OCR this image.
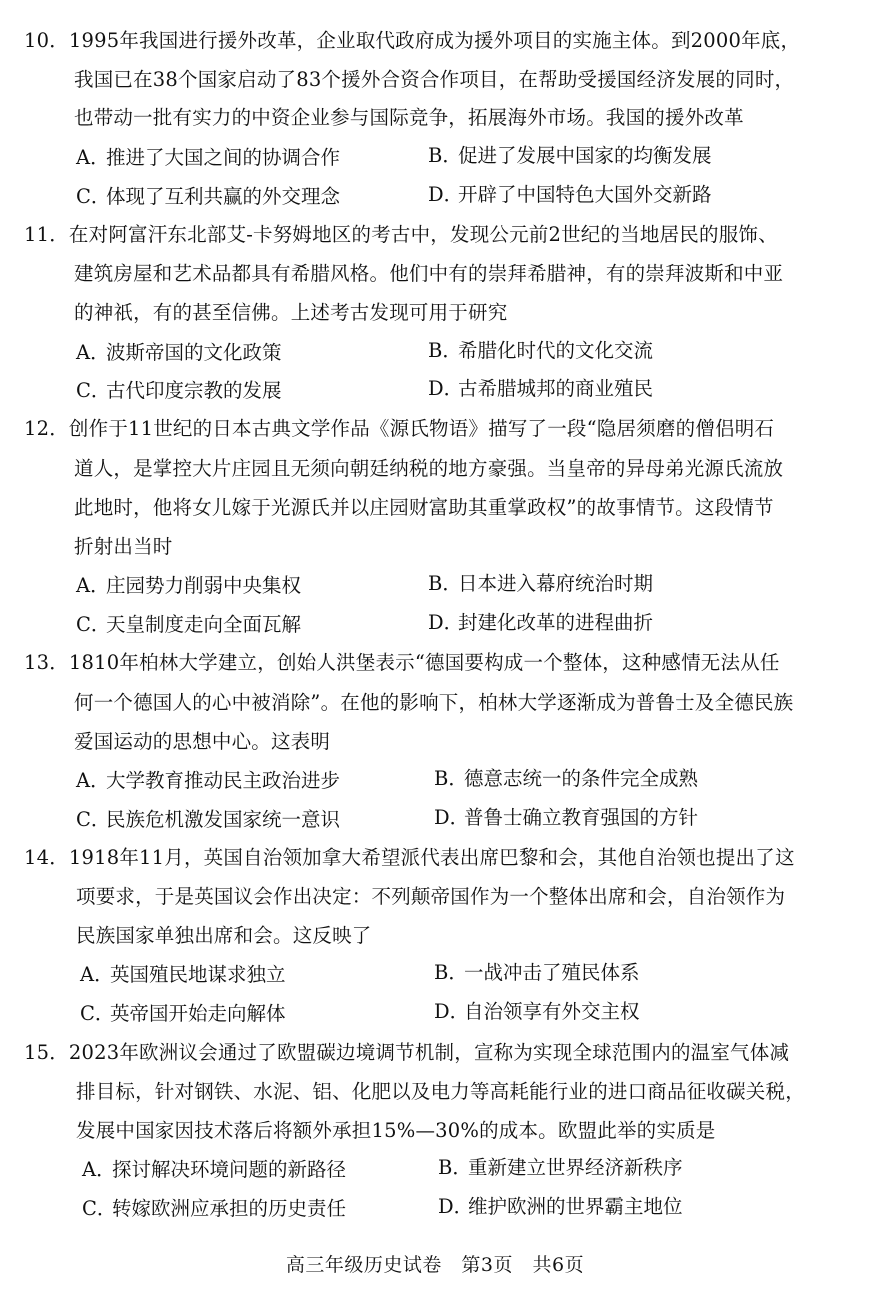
10．1995年我国进行援外改革，企业取代政府成为援外项目的实施主体。到2000年底，
我国已在38个国家启动了83个援外合资合作项目，在帮助受援国经济发展的同时，
也带动一批有实力的中资企业参与国际竞争，拓展海外市场。我国的援外改革
A．推进了大国之间的协调合作	B．促进了发展中国家的均衡发展
C．体现了互利共赢的外交理念	D．开辟了中国特色大国外交新路
11．在对阿富汗东北部艾-卡努姆地区的考古中，发现公元前2世纪的当地居民的服饰、
建筑房屋和艺术品都具有希腊风格。他们中有的崇拜希腊神，有的崇拜波斯和中亚
的神祇，有的甚至信佛。上述考古发现可用于研究
A．波斯帝国的文化政策	B．希腊化时代的文化交流
C．古代印度宗教的发展	D．古希腊城邦的商业殖民
12．创作于11世纪的日本古典文学作品《源氏物语》描写了一段“隐居须磨的僧侣明石
道人，是掌控大片庄园且无须向朝廷纳税的地方豪强。当皇帝的异母弟光源氏流放
此地时，他将女儿嫁于光源氏并以庄园财富助其重掌政权”的故事情节。这段情节
折射出当时
A．庄园势力削弱中央集权	B．日本进入幕府统治时期
C．天皇制度走向全面瓦解	D．封建化改革的进程曲折
13．1810年柏林大学建立，创始人洪堡表示“德国要构成一个整体，这种感情无法从任
何一个德国人的心中被消除”。在他的影响下，柏林大学逐渐成为普鲁士及全德民族
爱国运动的思想中心。这表明
A．大学教育推动民主政治进步	B．德意志统一的条件完全成熟
C．民族危机激发国家统一意识	D．普鲁士确立教育强国的方针
14．1918年11月，英国自治领加拿大希望派代表出席巴黎和会，其他自治领也提出了这
项要求，于是英国议会作出决定：不列颠帝国作为一个整体出席和会，自治领作为
民族国家单独出席和会。这反映了
A．英国殖民地谋求独立	B．一战冲击了殖民体系
C．英帝国开始走向解体	D．自治领享有外交主权
15．2023年欧洲议会通过了欧盟碳边境调节机制，宣称为实现全球范围内的温室气体减
排目标，针对钢铁、水泥、铝、化肥以及电力等高耗能行业的进口商品征收碳关税，
发展中国家因技术落后将额外承担15%—30%的成本。欧盟此举的实质是
A．探讨解决环境问题的新路径	B．重新建立世界经济新秩序
C．转嫁欧洲应承担的历史责任	D．维护欧洲的世界霸主地位
高三年级历史试卷　第3页　共6页
